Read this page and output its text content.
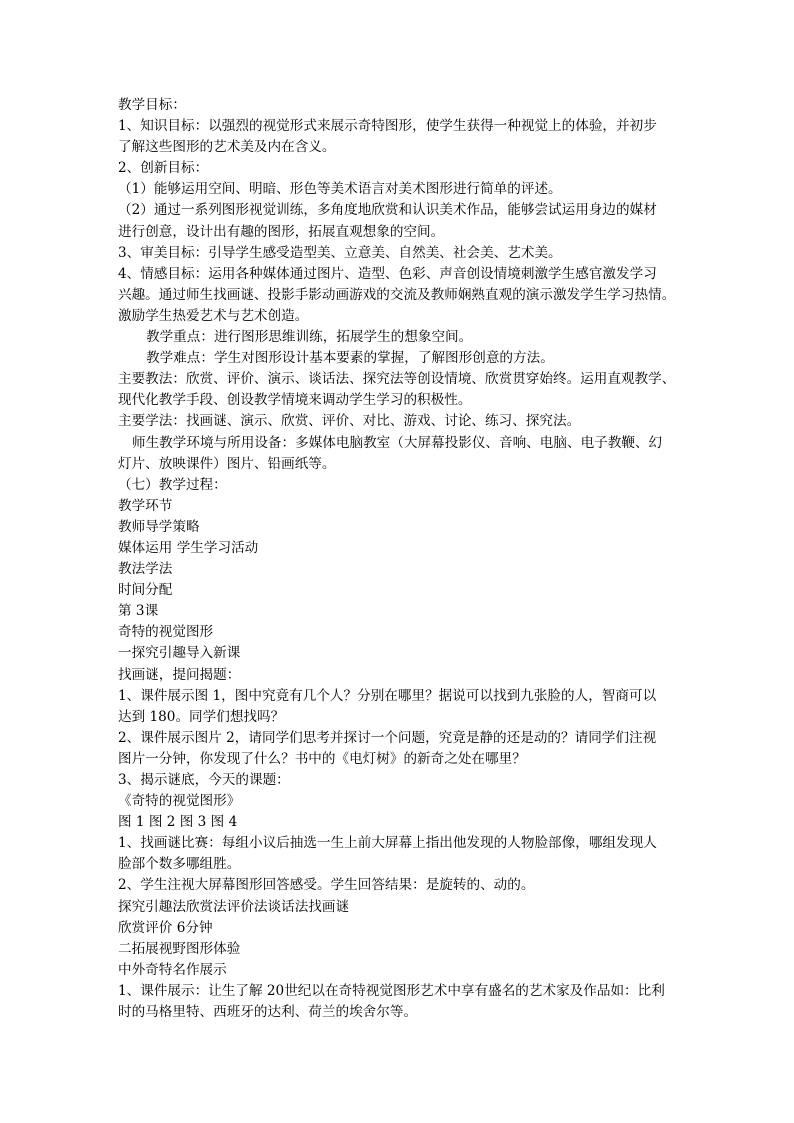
教学目标：
1、知识目标：以强烈的视觉形式来展示奇特图形，使学生获得一种视觉上的体验，并初步
了解这些图形的艺术美及内在含义。
2、创新目标：
（1）能够运用空间、明暗、形色等美术语言对美术图形进行简单的评述。
（2）通过一系列图形视觉训练，多角度地欣赏和认识美术作品，能够尝试运用身边的媒材
进行创意，设计出有趣的图形，拓展直观想象的空间。
3、审美目标：引导学生感受造型美、立意美、自然美、社会美、艺术美。
4、情感目标：运用各种媒体通过图片、造型、色彩、声音创设情境刺激学生感官激发学习
兴趣。通过师生找画谜、投影手影动画游戏的交流及教师娴熟直观的演示激发学生学习热情。
激励学生热爱艺术与艺术创造。
教学重点：进行图形思维训练，拓展学生的想象空间。
教学难点：学生对图形设计基本要素的掌握，了解图形创意的方法。
主要教法：欣赏、评价、演示、谈话法、探究法等创设情境、欣赏贯穿始终。运用直观教学、
现代化教学手段、创设教学情境来调动学生学习的积极性。
主要学法：找画谜、演示、欣赏、评价、对比、游戏、讨论、练习、探究法。
师生教学环境与所用设备：多媒体电脑教室（大屏幕投影仪、音响、电脑、电子教鞭、幻
灯片、放映课件）图片、铅画纸等。
（七）教学过程：
教学环节
教师导学策略
媒体运用 学生学习活动
教法学法
时间分配
第 3课
奇特的视觉图形
一探究引趣导入新课
找画谜，提问揭题：
1、课件展示图 1，图中究竟有几个人？分别在哪里？据说可以找到九张脸的人，智商可以
达到 180。同学们想找吗？
2、课件展示图片 2，请同学们思考并探讨一个问题，究竟是静的还是动的？请同学们注视
图片一分钟，你发现了什么？书中的《电灯树》的新奇之处在哪里？
3、揭示谜底，今天的课题：
《奇特的视觉图形》
图 1 图 2 图 3 图 4
1、找画谜比赛：每组小议后抽选一生上前大屏幕上指出他发现的人物脸部像，哪组发现人
脸部个数多哪组胜。
2、学生注视大屏幕图形回答感受。学生回答结果：是旋转的、动的。
探究引趣法欣赏法评价法谈话法找画谜
欣赏评价 6分钟
二拓展视野图形体验
中外奇特名作展示
1、课件展示：让生了解 20世纪以在奇特视觉图形艺术中享有盛名的艺术家及作品如：比利
时的马格里特、西班牙的达利、荷兰的埃舍尔等。
